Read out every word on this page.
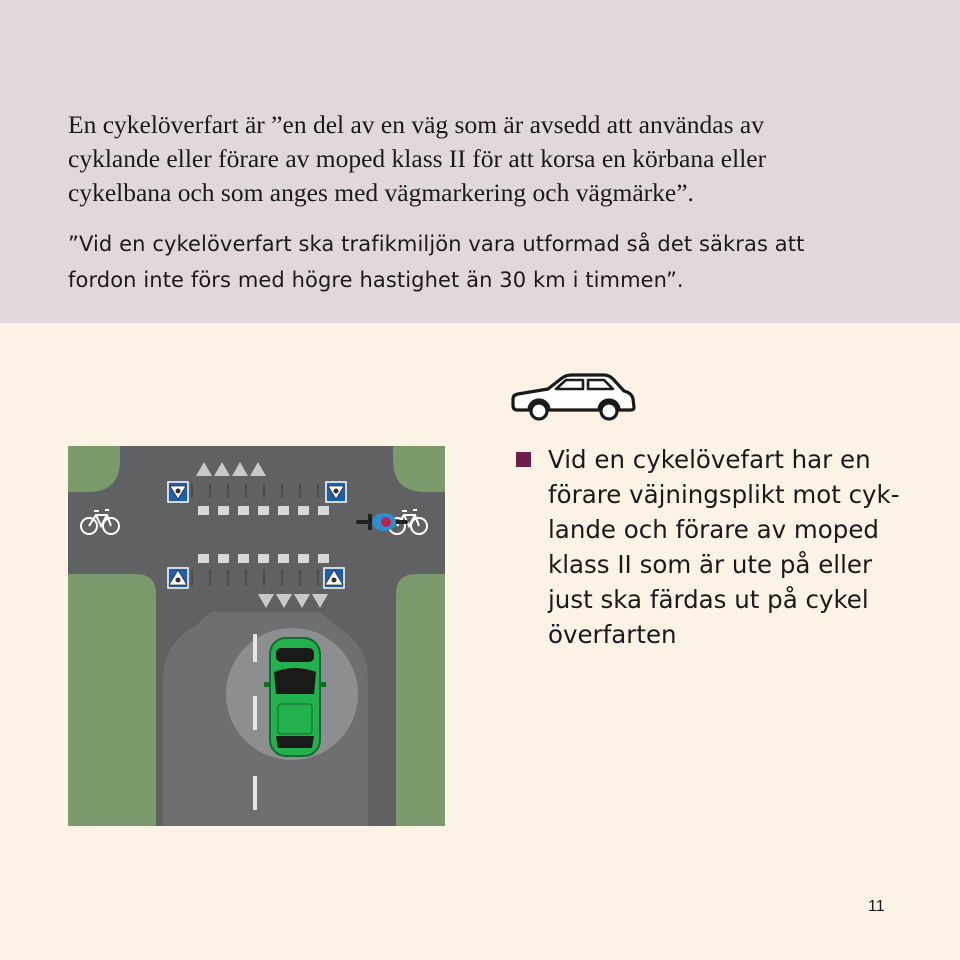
En cykelöverfart är ”en del av en väg som är avsedd att användas av
cyklande eller förare av moped klass II för att korsa en körbana eller
cykelbana och som anges med vägmarkering och vägmärke”.

”Vid en cykelöverfart ska trafikmiljön vara utformad så det säkras att
fordon inte förs med högre hastighet än 30 km i timmen”.

Vid en cykelövefart har en
förare väjningsplikt mot cyk-
lande och förare av moped
klass II som är ute på eller
just ska färdas ut på cykel
överfarten

11
